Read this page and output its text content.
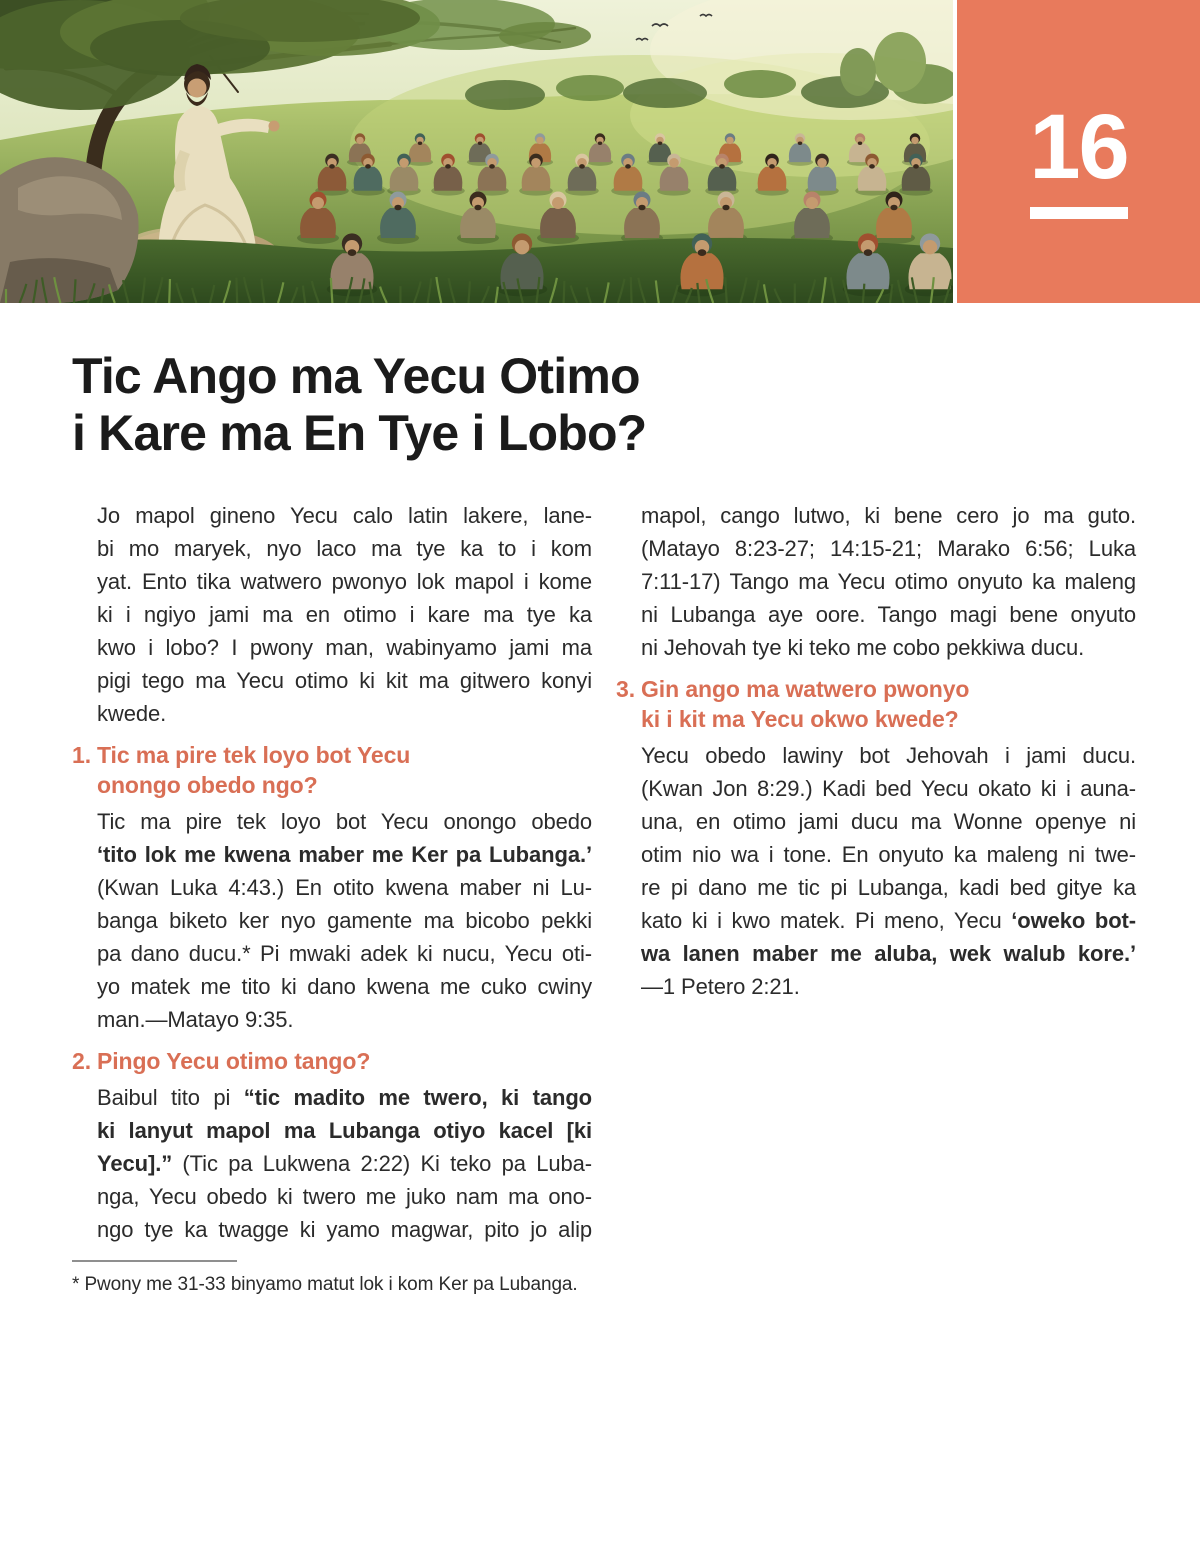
16
Tic Ango ma Yecu Otimo
i Kare ma En Tye i Lobo?
Jo mapol gineno Yecu calo latin lakere, lane-
bi mo maryek, nyo laco ma tye ka to i kom
yat. Ento tika watwero pwonyo lok mapol i kome
ki i ngiyo jami ma en otimo i kare ma tye ka
kwo i lobo? I pwony man, wabinyamo jami ma
pigi tego ma Yecu otimo ki kit ma gitwero konyi
kwede.
1. Tic ma pire tek loyo bot Yecu
onongo obedo ngo?
Tic ma pire tek loyo bot Yecu onongo obedo
‘tito lok me kwena maber me Ker pa Lubanga.’
(Kwan Luka 4:43.) En otito kwena maber ni Lu-
banga biketo ker nyo gamente ma bicobo pekki
pa dano ducu.* Pi mwaki adek ki nucu, Yecu oti-
yo matek me tito ki dano kwena me cuko cwiny
man.—Matayo 9:35.
2. Pingo Yecu otimo tango?
Baibul tito pi “tic madito me twero, ki tango
ki lanyut mapol ma Lubanga otiyo kacel [ki
Yecu].” (Tic pa Lukwena 2:22) Ki teko pa Luba-
nga, Yecu obedo ki twero me juko nam ma ono-
ngo tye ka twagge ki yamo magwar, pito jo alip
* Pwony me 31-33 binyamo matut lok i kom Ker pa Lubanga.
mapol, cango lutwo, ki bene cero jo ma guto.
(Matayo 8:23-27; 14:15-21; Marako 6:56; Luka
7:11-17) Tango ma Yecu otimo onyuto ka maleng
ni Lubanga aye oore. Tango magi bene onyuto
ni Jehovah tye ki teko me cobo pekkiwa ducu.
3. Gin ango ma watwero pwonyo
ki i kit ma Yecu okwo kwede?
Yecu obedo lawiny bot Jehovah i jami ducu.
(Kwan Jon 8:29.) Kadi bed Yecu okato ki i auna-
una, en otimo jami ducu ma Wonne openye ni
otim nio wa i tone. En onyuto ka maleng ni twe-
re pi dano me tic pi Lubanga, kadi bed gitye ka
kato ki i kwo matek. Pi meno, Yecu ‘oweko bot-
wa lanen maber me aluba, wek walub kore.’
—1 Petero 2:21.
